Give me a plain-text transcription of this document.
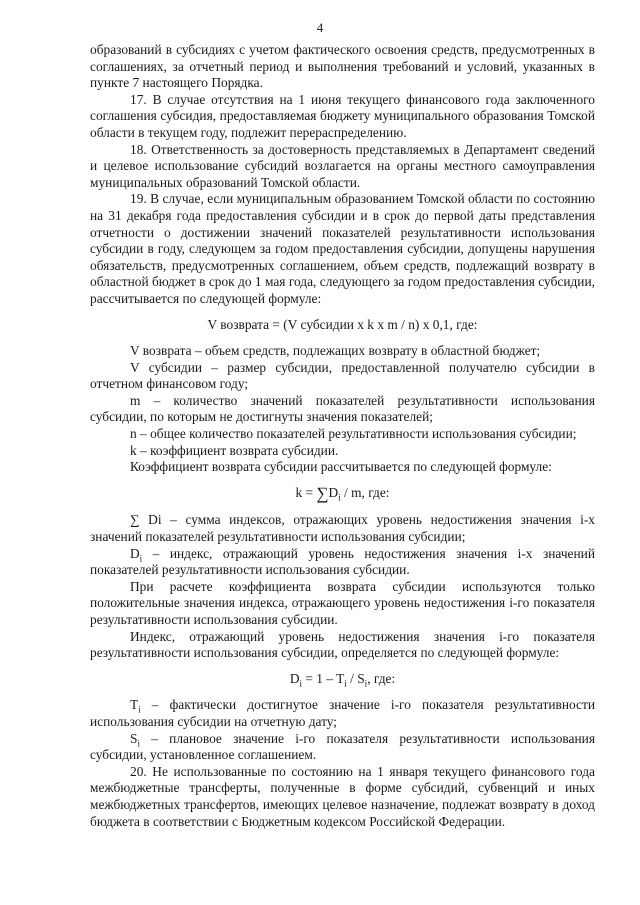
4

образований в субсидиях с учетом фактического освоения средств, предусмотренных в соглашениях, за отчетный период и выполнения требований и условий, указанных в пункте 7 настоящего Порядка.

17. В случае отсутствия на 1 июня текущего финансового года заключенного соглашения субсидия, предоставляемая бюджету муниципального образования Томской области в текущем году, подлежит перераспределению.

18. Ответственность за достоверность представляемых в Департамент сведений и целевое использование субсидий возлагается на органы местного самоуправления муниципальных образований Томской области.

19. В случае, если муниципальным образованием Томской области по состоянию на 31 декабря года предоставления субсидии и в срок до первой даты представления отчетности о достижении значений показателей результативности использования субсидии в году, следующем за годом предоставления субсидии, допущены нарушения обязательств, предусмотренных соглашением, объем средств, подлежащий возврату в областной бюджет в срок до 1 мая года, следующего за годом предоставления субсидии, рассчитывается по следующей формуле:

V возврата = (V субсидии x k x m / n) x 0,1, где:

V возврата – объем средств, подлежащих возврату в областной бюджет;

V субсидии – размер субсидии, предоставленной получателю субсидии в отчетном финансовом году;

m – количество значений показателей результативности использования субсидии, по которым не достигнуты значения показателей;

n – общее количество показателей результативности использования субсидии;

k – коэффициент возврата субсидии.

Коэффициент возврата субсидии рассчитывается по следующей формуле:

$k = \sum D_i / m$, где:

∑ Di – сумма индексов, отражающих уровень недостижения значения i-х значений показателей результативности использования субсидии;

$D_i$ – индекс, отражающий уровень недостижения значения i-х значений показателей результативности использования субсидии.

При расчете коэффициента возврата субсидии используются только положительные значения индекса, отражающего уровень недостижения i-го показателя результативности использования субсидии.

Индекс, отражающий уровень недостижения значения i-го показателя результативности использования субсидии, определяется по следующей формуле:

$D_i = 1 - T_i / S_i$, где:

$T_i$ – фактически достигнутое значение i-го показателя результативности использования субсидии на отчетную дату;

$S_i$ – плановое значение i-го показателя результативности использования субсидии, установленное соглашением.

20. Не использованные по состоянию на 1 января текущего финансового года межбюджетные трансферты, полученные в форме субсидий, субвенций и иных межбюджетных трансфертов, имеющих целевое назначение, подлежат возврату в доход бюджета в соответствии с Бюджетным кодексом Российской Федерации.
